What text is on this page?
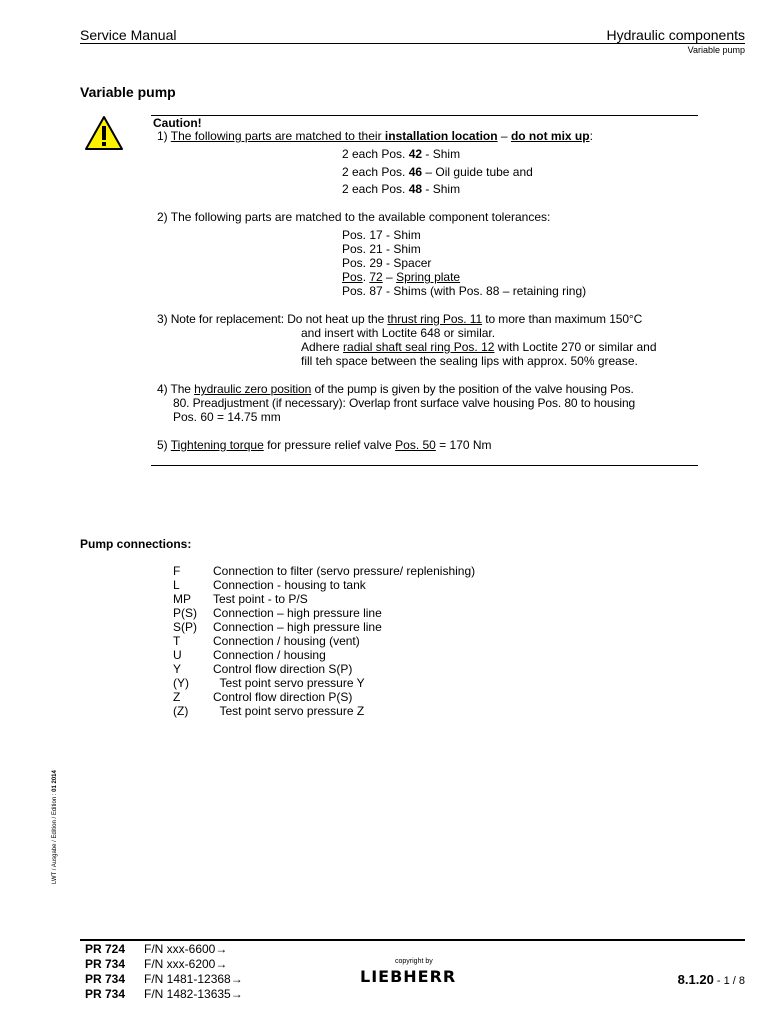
Service Manual	Hydraulic components
Variable pump
Variable pump
Caution!
1) The following parts are matched to their installation location – do not mix up:
2 each Pos. 42 - Shim
2 each Pos. 46 – Oil guide tube and
2 each Pos. 48 - Shim
2) The following parts are matched to the available component tolerances:
Pos. 17 - Shim
Pos. 21 - Shim
Pos. 29 - Spacer
Pos. 72 – Spring plate
Pos. 87 - Shims (with Pos. 88 – retaining ring)
3) Note for replacement: Do not heat up the thrust ring Pos. 11 to more than maximum 150°C
and insert with Loctite 648 or similar.
Adhere radial shaft seal ring Pos. 12 with Loctite 270 or similar and
fill teh space between the sealing lips with approx. 50% grease.
4) The hydraulic zero position of the pump is given by the position of the valve housing Pos.
80. Preadjustment (if necessary): Overlap front surface valve housing Pos. 80 to housing
Pos. 60 = 14.75 mm
5) Tightening torque for pressure relief valve Pos. 50 = 170 Nm
Pump connections:
F	Connection to filter (servo pressure/ replenishing)
L	Connection - housing to tank
MP Test point - to P/S
P(S) Connection – high pressure line
S(P) Connection – high pressure line
T	Connection / housing (vent)
U	Connection / housing
Y	Control flow direction S(P)
(Y) Test point servo pressure Y
Z	Control flow direction P(S)
(Z) Test point servo pressure Z
LWT / Ausgabe / Edition / Edition : 01 2014
PR 724 F/N xxx-6600→
PR 734 F/N xxx-6200→
PR 734 F/N 1481-12368→
PR 734 F/N 1482-13635→
copyright by
LIEBHERR	8.1.20 - 1 / 8
